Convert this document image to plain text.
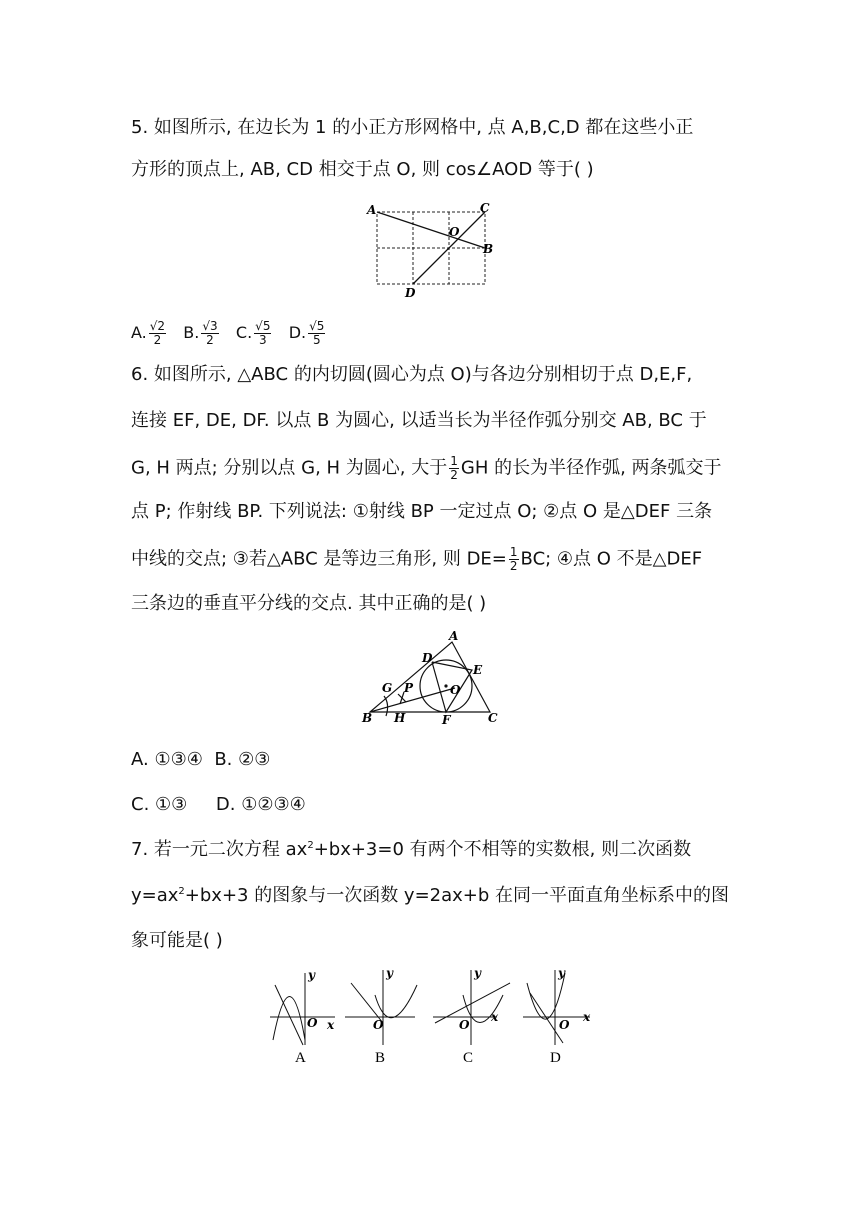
5. 如图所示, 在边长为 1 的小正方形网格中, 点 A,B,C,D 都在这些小正
方形的顶点上, AB, CD 相交于点 O, 则 cos∠AOD 等于( )
A	C
O
B
D
A. $\frac{√2}{2} B$. $\frac{√3}{2} C$. $\frac{√5}{3} D$. $\frac{√5}{5}$
6. 如图所示, △ABC 的内切圆(圆心为点 O)与各边分别相切于点 D,E,F,
连接 EF, DE, DF. 以点 B 为圆心, 以适当长为半径作弧分别交 AB, BC 于
G, H 两点; 分别以点 G, H 为圆心, 大于 $\frac{1}{2}$ GH 的长为半径作弧, 两条弧交于
点 P; 作射线 BP. 下列说法: ①射线 BP 一定过点 O; ②点 O 是△DEF 三条
中线的交点; ③若△ABC 是等边三角形, 则 $DE= \frac{1}{2}$ BC; ④点 O 不是△DEF
三条边的垂直平分线的交点. 其中正确的是( )
A
D
E
G P	O
B H	F	C
A. ①③④ B. ②③
C. ①③ D. ①②③④
7. 若一元二次方程 $ax^2+bx+3=0$ 有两个不相等的实数根, 则二次函数
$y=ax^2+bx+3$ 的图象与一次函数 y=2ax+b 在同一平面直角坐标系中的图
象可能是( )
y
x
O
A
y
O
B
y
x
O
C
y
x
O
D
